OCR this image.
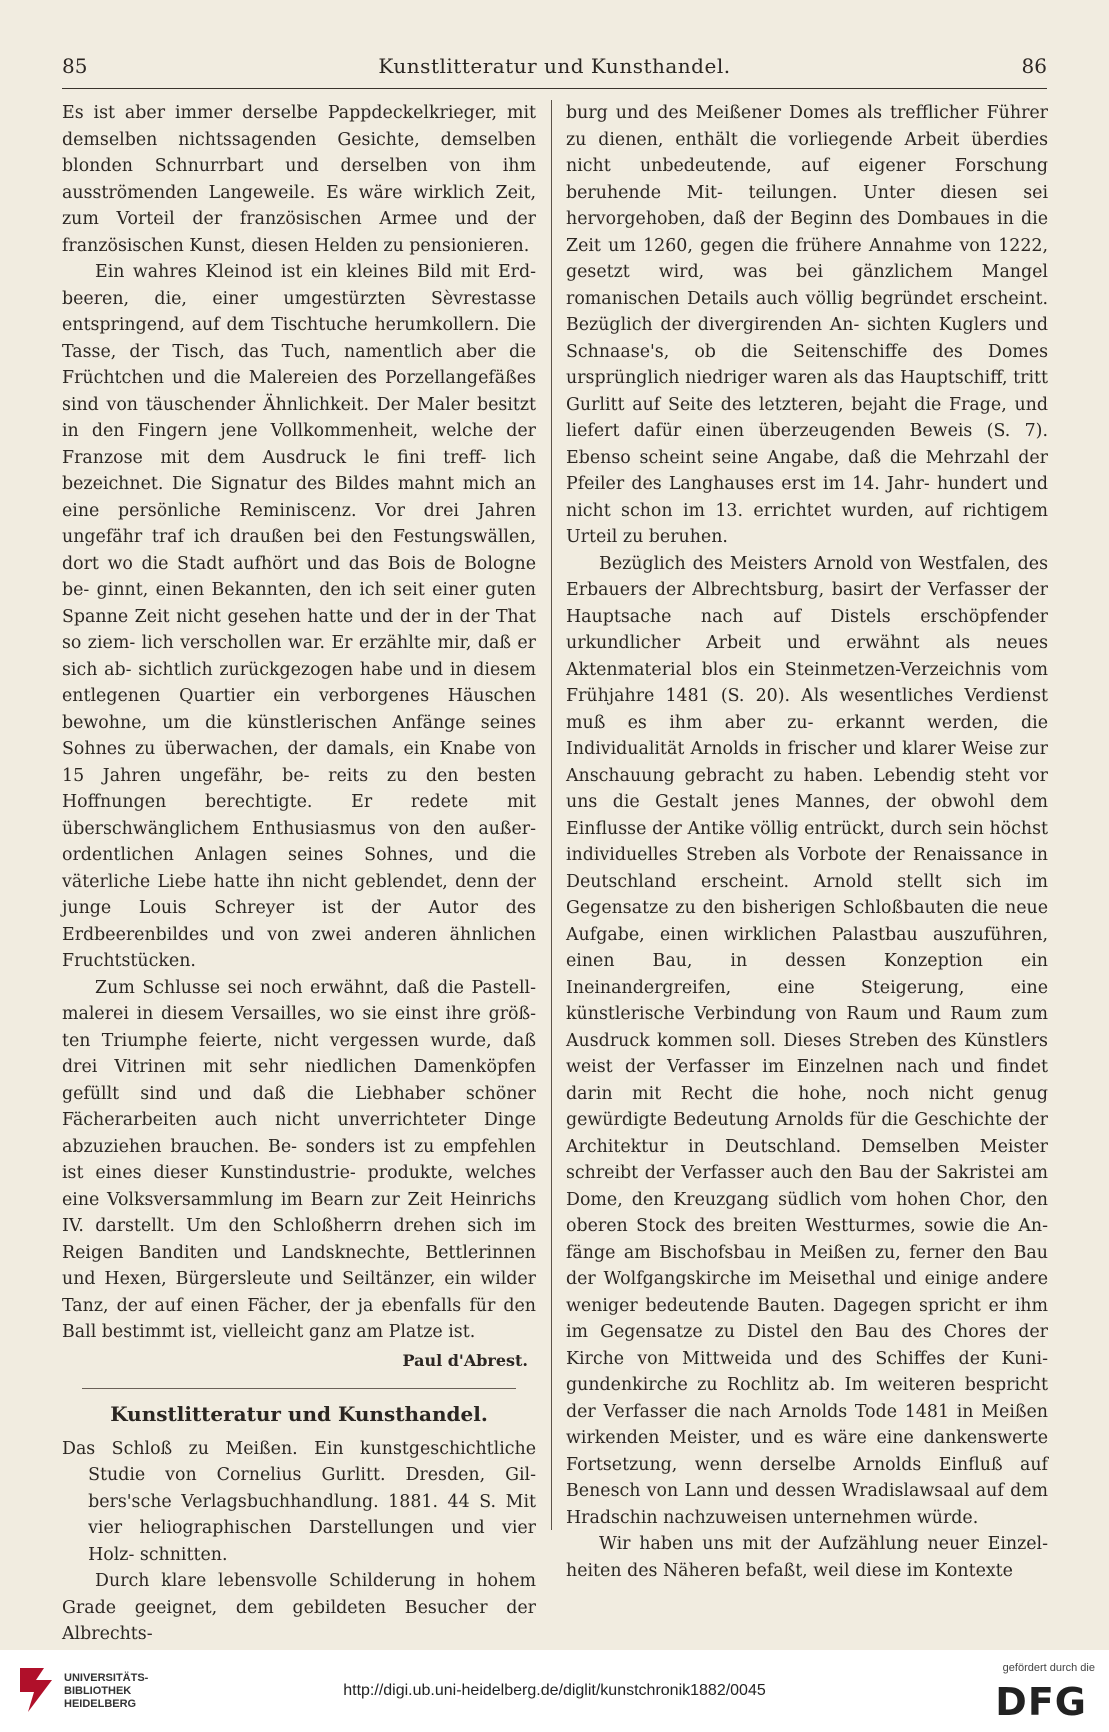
85	Kunstlitteratur und Kunsthandel.	86

Es ist aber immer derselbe Pappdeckelkrieger, mit demselben nichtssagenden Gesichte, demselben blonden Schnurrbart und derselben von ihm ausströmenden Langeweile. Es wäre wirklich Zeit, zum Vorteil der französischen Armee und der französischen Kunst, diesen Helden zu pensionieren.

Ein wahres Kleinod ist ein kleines Bild mit Erd- beeren, die, einer umgestürzten Sèvrestasse entspringend, auf dem Tischtuche herumkollern. Die Tasse, der Tisch, das Tuch, namentlich aber die Früchtchen und die Malereien des Porzellangefäßes sind von täuschender Ähnlichkeit. Der Maler besitzt in den Fingern jene Vollkommenheit, welche der Franzose mit dem Ausdruck le fini treff- lich bezeichnet. Die Signatur des Bildes mahnt mich an eine persönliche Reminiscenz. Vor drei Jahren ungefähr traf ich draußen bei den Festungswällen, dort wo die Stadt aufhört und das Bois de Bologne be- ginnt, einen Bekannten, den ich seit einer guten Spanne Zeit nicht gesehen hatte und der in der That so ziem- lich verschollen war. Er erzählte mir, daß er sich ab- sichtlich zurückgezogen habe und in diesem entlegenen Quartier ein verborgenes Häuschen bewohne, um die künstlerischen Anfänge seines Sohnes zu überwachen, der damals, ein Knabe von 15 Jahren ungefähr, be- reits zu den besten Hoffnungen berechtigte. Er redete mit überschwänglichem Enthusiasmus von den außer- ordentlichen Anlagen seines Sohnes, und die väterliche Liebe hatte ihn nicht geblendet, denn der junge Louis Schreyer ist der Autor des Erdbeerenbildes und von zwei anderen ähnlichen Fruchtstücken.

Zum Schlusse sei noch erwähnt, daß die Pastell- malerei in diesem Versailles, wo sie einst ihre größ- ten Triumphe feierte, nicht vergessen wurde, daß drei Vitrinen mit sehr niedlichen Damenköpfen gefüllt sind und daß die Liebhaber schöner Fächerarbeiten auch nicht unverrichteter Dinge abzuziehen brauchen. Be- sonders ist zu empfehlen ist eines dieser Kunstindustrie- produkte, welches eine Volksversammlung im Bearn zur Zeit Heinrichs IV. darstellt. Um den Schloßherrn drehen sich im Reigen Banditen und Landsknechte, Bettlerinnen und Hexen, Bürgersleute und Seiltänzer, ein wilder Tanz, der auf einen Fächer, der ja ebenfalls für den Ball bestimmt ist, vielleicht ganz am Platze ist.

Paul d'Abrest.

Kunstlitteratur und Kunsthandel.

Das Schloß zu Meißen. Ein kunstgeschichtliche Studie von Cornelius Gurlitt. Dresden, Gil- bers'sche Verlagsbuchhandlung. 1881. 44 S. Mit vier heliographischen Darstellungen und vier Holz- schnitten.

Durch klare lebensvolle Schilderung in hohem Grade geeignet, dem gebildeten Besucher der Albrechts-

burg und des Meißener Domes als trefflicher Führer zu dienen, enthält die vorliegende Arbeit überdies nicht unbedeutende, auf eigener Forschung beruhende Mit- teilungen. Unter diesen sei hervorgehoben, daß der Beginn des Dombaues in die Zeit um 1260, gegen die frühere Annahme von 1222, gesetzt wird, was bei gänzlichem Mangel romanischen Details auch völlig begründet erscheint. Bezüglich der divergirenden An- sichten Kuglers und Schnaase's, ob die Seitenschiffe des Domes ursprünglich niedriger waren als das Hauptschiff, tritt Gurlitt auf Seite des letzteren, bejaht die Frage, und liefert dafür einen überzeugenden Beweis (S. 7). Ebenso scheint seine Angabe, daß die Mehrzahl der Pfeiler des Langhauses erst im 14. Jahr- hundert und nicht schon im 13. errichtet wurden, auf richtigem Urteil zu beruhen.

Bezüglich des Meisters Arnold von Westfalen, des Erbauers der Albrechtsburg, basirt der Verfasser der Hauptsache nach auf Distels erschöpfender urkundlicher Arbeit und erwähnt als neues Aktenmaterial blos ein Steinmetzen-Verzeichnis vom Frühjahre 1481 (S. 20). Als wesentliches Verdienst muß es ihm aber zu- erkannt werden, die Individualität Arnolds in frischer und klarer Weise zur Anschauung gebracht zu haben. Lebendig steht vor uns die Gestalt jenes Mannes, der obwohl dem Einflusse der Antike völlig entrückt, durch sein höchst individuelles Streben als Vorbote der Renaissance in Deutschland erscheint. Arnold stellt sich im Gegensatze zu den bisherigen Schloßbauten die neue Aufgabe, einen wirklichen Palastbau auszuführen, einen Bau, in dessen Konzeption ein Ineinandergreifen, eine Steigerung, eine künstlerische Verbindung von Raum und Raum zum Ausdruck kommen soll. Dieses Streben des Künstlers weist der Verfasser im Einzelnen nach und findet darin mit Recht die hohe, noch nicht genug gewürdigte Bedeutung Arnolds für die Geschichte der Architektur in Deutschland. Demselben Meister schreibt der Verfasser auch den Bau der Sakristei am Dome, den Kreuzgang südlich vom hohen Chor, den oberen Stock des breiten Westturmes, sowie die An- fänge am Bischofsbau in Meißen zu, ferner den Bau der Wolfgangskirche im Meisethal und einige andere weniger bedeutende Bauten. Dagegen spricht er ihm im Gegensatze zu Distel den Bau des Chores der Kirche von Mittweida und des Schiffes der Kuni- gundenkirche zu Rochlitz ab. Im weiteren bespricht der Verfasser die nach Arnolds Tode 1481 in Meißen wirkenden Meister, und es wäre eine dankenswerte Fortsetzung, wenn derselbe Arnolds Einfluß auf Benesch von Lann und dessen Wradislawsaal auf dem Hradschin nachzuweisen unternehmen würde.

Wir haben uns mit der Aufzählung neuer Einzel- heiten des Näheren befaßt, weil diese im Kontexte

UNIVERSITÄTS-
BIBLIOTHEK
HEIDELBERG
http://digi.ub.uni-heidelberg.de/diglit/kunstchronik1882/0045
gefördert durch die
DFG
